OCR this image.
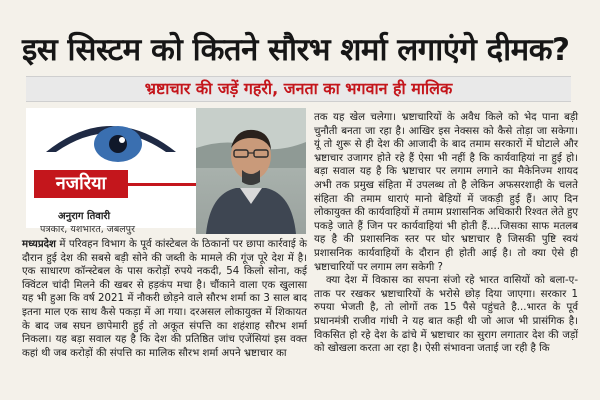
इस सिस्टम को कितने सौरभ शर्मा लगाएंगे दीमक?
भ्रष्टाचार की जड़ें गहरी, जनता का भगवान ही मालिक
नजरिया
अनुराग तिवारी
पत्रकार, यशभारत, जबलपुर

मध्यप्रदेश में परिवहन विभाग के पूर्व कांस्टेबल के ठिकानों पर छापा कार्रवाई के दौरान हुई देश की सबसे बड़ी सोने की जब्ती के मामले की गूंज पूरे देश में है। एक साधारण कॉन्स्टेबल के पास करोड़ों रुपये नकदी, 54 किलो सोना, कई क्विंटल चांदी मिलने की खबर से हड़कंप मचा है। चौंकाने वाला एक खुलासा यह भी हुआ कि वर्ष 2021 में नौकरी छोड़ने वाले सौरभ शर्मा का 3 साल बाद इतना माल एक साथ कैसे पकड़ा में आ गया। दरअसल लोकायुक्त में शिकायत के बाद जब सघन छापेमारी हुई तो अकूत संपत्ति का शहंशाह सौरभ शर्मा निकला। यह बड़ा सवाल यह है कि देश की प्रतिष्ठित जांच एजेंसियां इस वक्त कहां थी जब करोड़ों की संपत्ति का मालिक सौरभ शर्मा अपने भ्रष्टाचार का

तक यह खेल चलेगा। भ्रष्टाचारियों के अवैध किले को भेद पाना बड़ी चुनौती बनता जा रहा है। आखिर इस नेक्सस को कैसे तोड़ा जा सकेगा। यूं तो शुरू से ही देश की आजादी के बाद तमाम सरकारों में घोटाले और भ्रष्टाचार उजागर होते रहे हैं ऐसा भी नहीं है कि कार्यवाहियां ना हुई हो। बड़ा सवाल यह है कि भ्रष्टाचार पर लगाम लगाने का मैकेनिज्म शायद अभी तक प्रमुख संहिता में उपलब्ध तो है लेकिन अफसरशाही के चलते संहिता की तमाम धाराएं मानो बेड़ियों में जकड़ी हुई हैं। आए दिन लोकायुक्त की कार्यवाहियों में तमाम प्रशासनिक अधिकारी रिश्वत लेते हुए पकड़े जाते हैं जिन पर कार्यवाहियां भी होती हैं....जिसका साफ मतलब यह है की प्रशासनिक स्तर पर घोर भ्रष्टाचार है जिसकी पुष्टि स्वयं प्रशासनिक कार्यवाहियों के दौरान ही होती आई है। तो क्या ऐसे ही भ्रष्टाचारियों पर लगाम लग सकेगी ?

क्या देश में विकास का सपना संजो रहे भारत वासियों को बला-ए-ताक पर रखकर भ्रष्टाचारियों के भरोसे छोड़ दिया जाएगा। सरकार 1 रुपया भेजती है, तो लोगों तक 15 पैसे पहुंचते है...भारत के पूर्व प्रधानमंत्री राजीव गांधी ने यह बात कही थी जो आज भी प्रासंगिक है। विकसित हो रहे देश के ढांचे में भ्रष्टाचार का सुराग लगातार देश की जड़ों को खोखला करता आ रहा है। ऐसी संभावना जताई जा रही है कि
